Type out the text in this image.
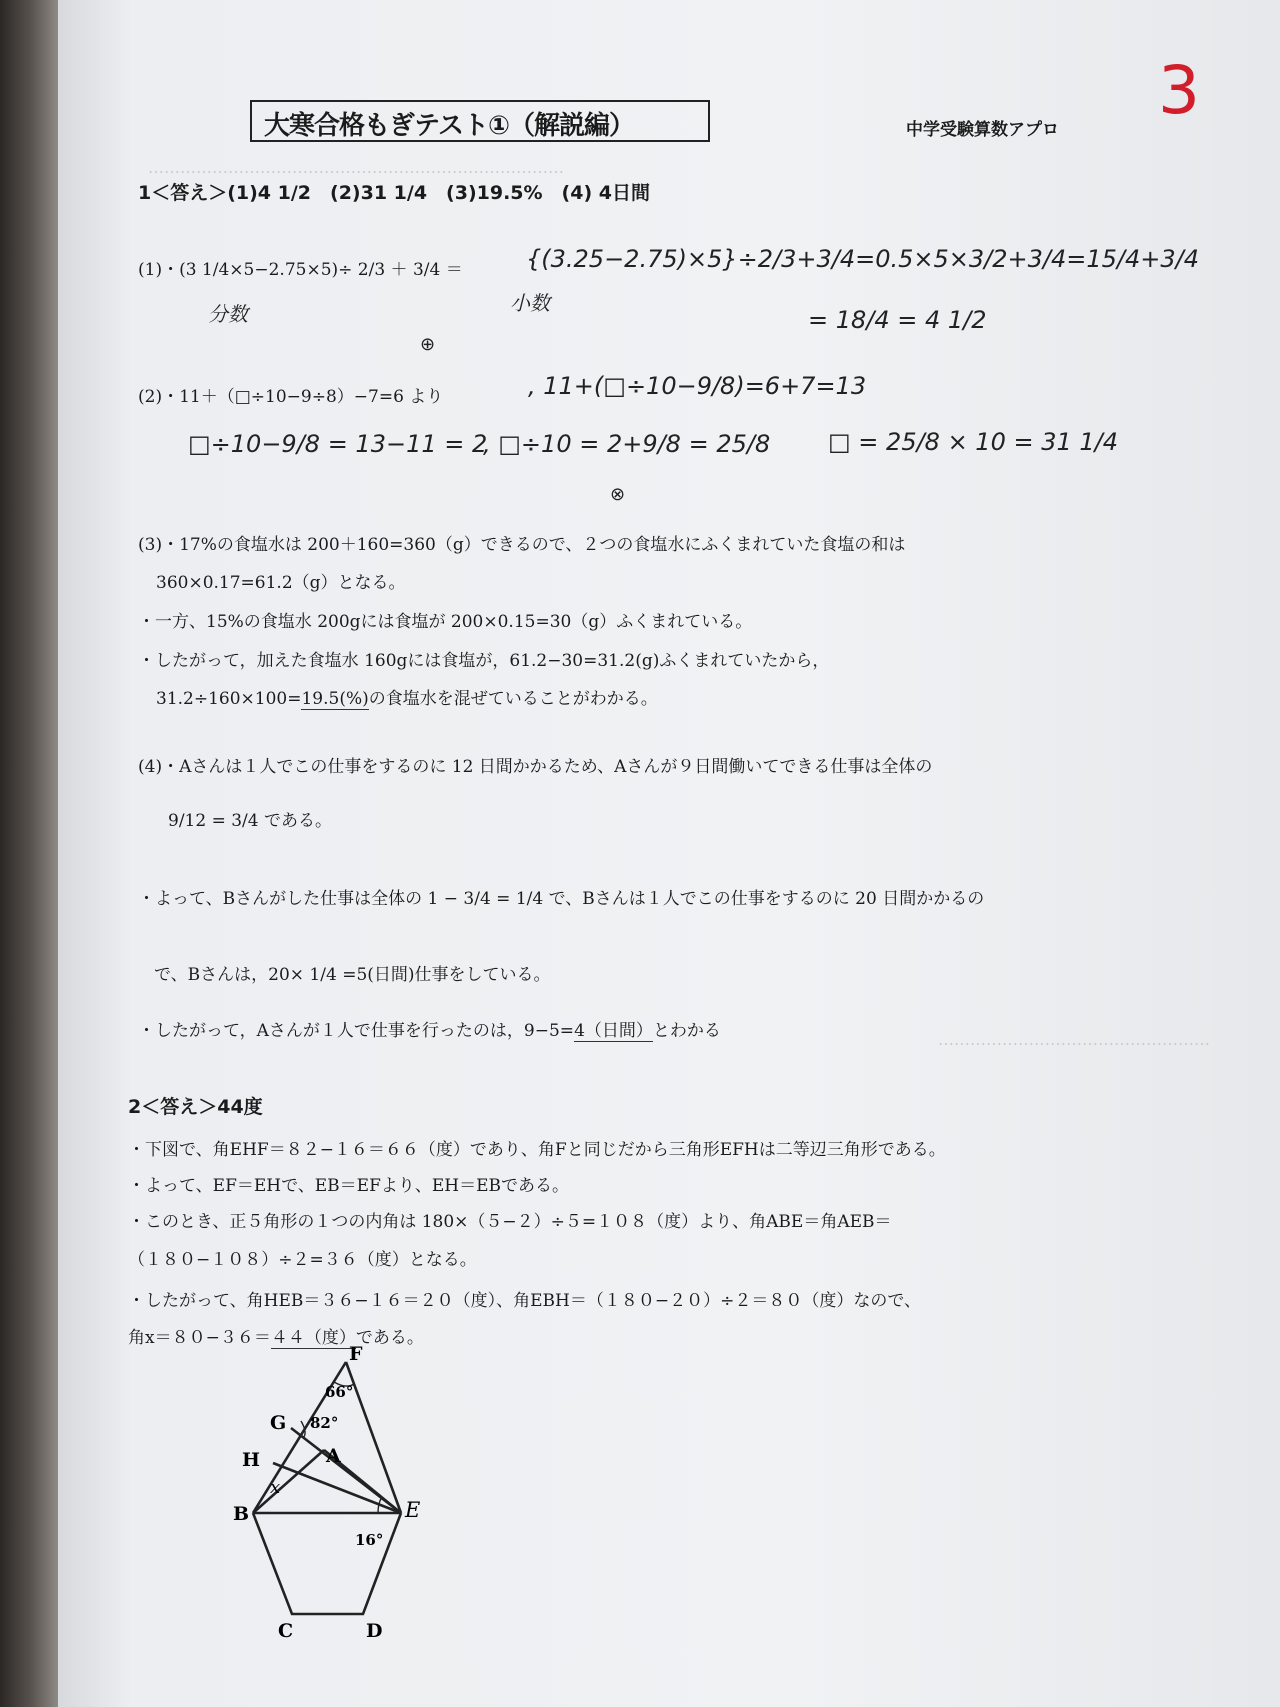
……………………………………………………………………
……………………………………………
3
大寒合格もぎテスト①（解説編）	中学受験算数アプロ
1＜答え＞(1)4 1/2　(2)31 1/4　(3)19.5%　(4) 4日間
(1)・(3 1/4×5−2.75×5)÷ 2/3 ＋ 3/4 ＝	{(3.25−2.75)×5}÷2/3+3/4=0.5×5×3/2+3/4=15/4+3/4
分数	小数
= 18/4 = 4 1/2
⊕
(2)・11＋（□÷10−9÷8）−7=6 より	, 11+(□÷10−9/8)=6+7=13
□÷10−9/8 = 13−11 = 2
, □÷10 = 2+9/8 = 25/8 □ = 25/8 × 10 = 31 1/4
⊗
(3)・17%の食塩水は 200＋160=360（g）できるので、２つの食塩水にふくまれていた食塩の和は
360×0.17=61.2（g）となる。
・一方、15%の食塩水 200gには食塩が 200×0.15=30（g）ふくまれている。
・したがって，加えた食塩水 160gには食塩が，61.2−30=31.2(g)ふくまれていたから，
31.2÷160×100=19.5(%)の食塩水を混ぜていることがわかる。
(4)・Aさんは１人でこの仕事をするのに 12 日間かかるため、Aさんが９日間働いてできる仕事は全体の
9/12 = 3/4 である。
・よって、Bさんがした仕事は全体の 1 − 3/4 = 1/4 で、Bさんは１人でこの仕事をするのに 20 日間かかるの
で、Bさんは，20× 1/4 =5(日間)仕事をしている。
・したがって，Aさんが１人で仕事を行ったのは，9−5=4（日間）とわかる
2＜答え＞44度
・下図で、角EHF＝８２−１６＝６６（度）であり、角Fと同じだから三角形EFHは二等辺三角形である。
・よって、EF＝EHで、EB＝EFより、EH＝EBである。
・このとき、正５角形の１つの内角は 180×（５−２）÷５=１０８（度）より、角ABE＝角AEB＝
（１８０−１０８）÷２=３６（度）となる。
・したがって、角HEB＝３６−１６＝２０（度）、角EBH＝（１８０−２０）÷２＝８０（度）なので、
角x＝８０−３６＝４４（度）である。
F
G
H	A
B	E
C	D
x
66°
82°
16°
